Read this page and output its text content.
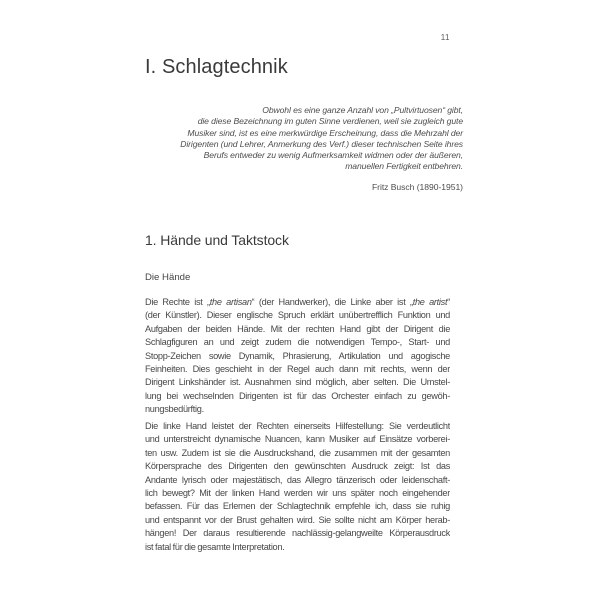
11
I. Schlagtechnik
Obwohl es eine ganze Anzahl von „Pultvirtuosen“ gibt,
die diese Bezeichnung im guten Sinne verdienen, weil sie zugleich gute
Musiker sind, ist es eine merkwürdige Erscheinung, dass die Mehrzahl der
Dirigenten (und Lehrer, Anmerkung des Verf.) dieser technischen Seite ihres
Berufs entweder zu wenig Aufmerksamkeit widmen oder der äußeren,
manuellen Fertigkeit entbehren.
Fritz Busch (1890-1951)
1. Hände und Taktstock
Die Hände
Die Rechte ist „the artisan“ (der Handwerker), die Linke aber ist „the artist“
(der Künstler). Dieser englische Spruch erklärt unübertrefflich Funktion und
Aufgaben der beiden Hände. Mit der rechten Hand gibt der Dirigent die
Schlagfiguren an und zeigt zudem die notwendigen Tempo-, Start- und
Stopp-Zeichen sowie Dynamik, Phrasierung, Artikulation und agogische
Feinheiten. Dies geschieht in der Regel auch dann mit rechts, wenn der
Dirigent Linkshänder ist. Ausnahmen sind möglich, aber selten. Die Umstel-
lung bei wechselnden Dirigenten ist für das Orchester einfach zu gewöh-
nungsbedürftig.
Die linke Hand leistet der Rechten einerseits Hilfestellung: Sie verdeutlicht
und unterstreicht dynamische Nuancen, kann Musiker auf Einsätze vorberei-
ten usw. Zudem ist sie die Ausdruckshand, die zusammen mit der gesamten
Körpersprache des Dirigenten den gewünschten Ausdruck zeigt: Ist das
Andante lyrisch oder majestätisch, das Allegro tänzerisch oder leidenschaft-
lich bewegt? Mit der linken Hand werden wir uns später noch eingehender
befassen. Für das Erlernen der Schlagtechnik empfehle ich, dass sie ruhig
und entspannt vor der Brust gehalten wird. Sie sollte nicht am Körper herab-
hängen! Der daraus resultierende nachlässig-gelangweilte Körperausdruck
ist fatal für die gesamte Interpretation.
